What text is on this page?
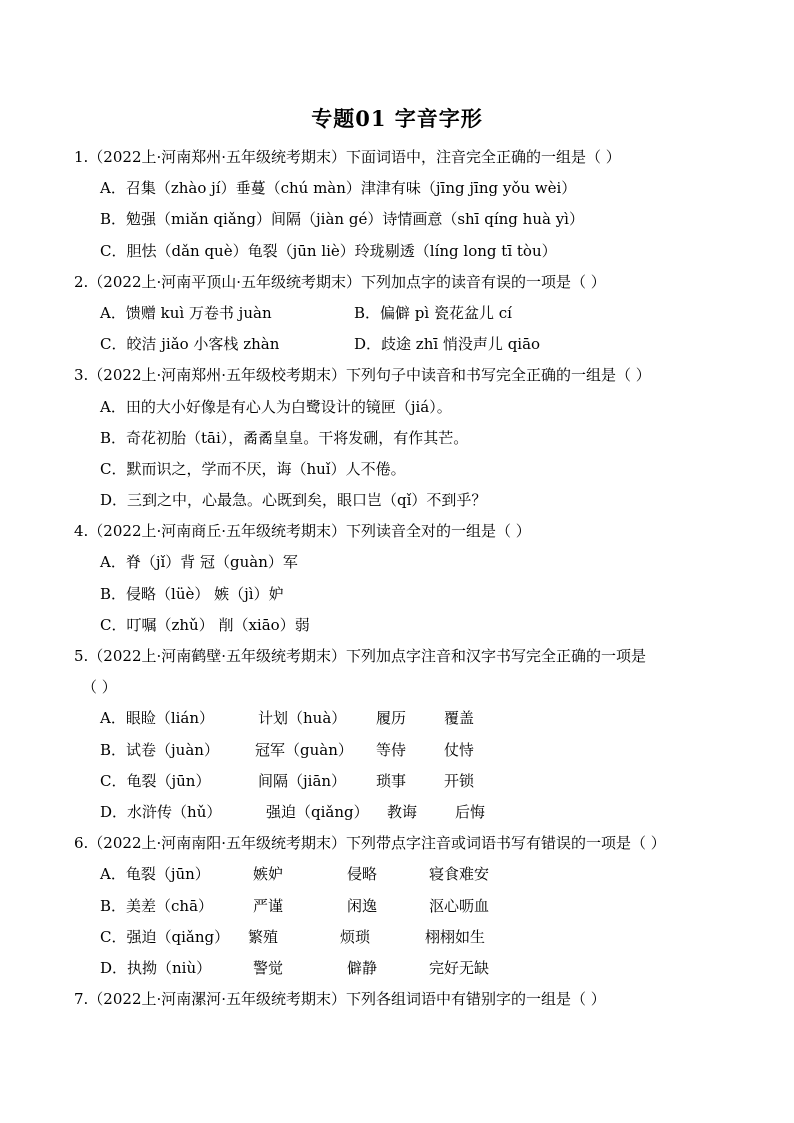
专题01 字音字形
1.（2022上·河南郑州·五年级统考期末）下面词语中，注音完全正确的一组是（ ）
A．召集（zhào jí）垂蔓（chú màn）津津有味（jīng jīng yǒu wèi）
B．勉强（miǎn qiǎng）间隔（jiàn gé）诗情画意（shī qíng huà yì）
C．胆怯（dǎn què）龟裂（jūn liè）玲珑剔透（líng long tī tòu）
2.（2022上·河南平顶山·五年级统考期末）下列加点字的读音有误的一项是（ ）
A．馈赠 kuì 万卷书 juàn	B．偏僻 pì 瓷花盆儿 cí
C．皎洁 jiǎo 小客栈 zhàn	D．歧途 zhī 悄没声儿 qiāo
3.（2022上·河南郑州·五年级校考期末）下列句子中读音和书写完全正确的一组是（ ）
A．田的大小好像是有心人为白鹭设计的镜匣（jiá）。
B．奇花初胎（tāi），矞矞皇皇。干将发硎，有作其芒。
C．默而识之，学而不厌，诲（huǐ）人不倦。
D．三到之中，心最急。心既到矣，眼口岂（qǐ）不到乎？
4.（2022上·河南商丘·五年级统考期末）下列读音全对的一组是（ ）
A．脊（jǐ）背 冠（guàn）军
B．侵略（lüè） 嫉（jì）妒
C．叮嘱（zhǔ） 削（xiāo）弱
5.（2022上·河南鹤壁·五年级统考期末）下列加点字注音和汉字书写完全正确的一项是
（ ）
A．眼睑（lián）	计划（huà） 履历	覆盖
B．试卷（juàn） 冠军（guàn） 等侍	仗恃
C．龟裂（jūn）	间隔（jiān） 琐事	开锁
D．水浒传（hǔ）	强迫（qiǎng） 教诲	后悔
6.（2022上·河南南阳·五年级统考期末）下列带点字注音或词语书写有错误的一项是（ ）
A．龟裂（jūn）	嫉妒	侵略	寝食难安
B．美差（chā）	严谨	闲逸	沤心呖血
C．强迫（qiǎng） 繁殖	烦琐	栩栩如生
D．执拗（niù）	警觉	僻静	完好无缺
7.（2022上·河南漯河·五年级统考期末）下列各组词语中有错别字的一组是（ ）
